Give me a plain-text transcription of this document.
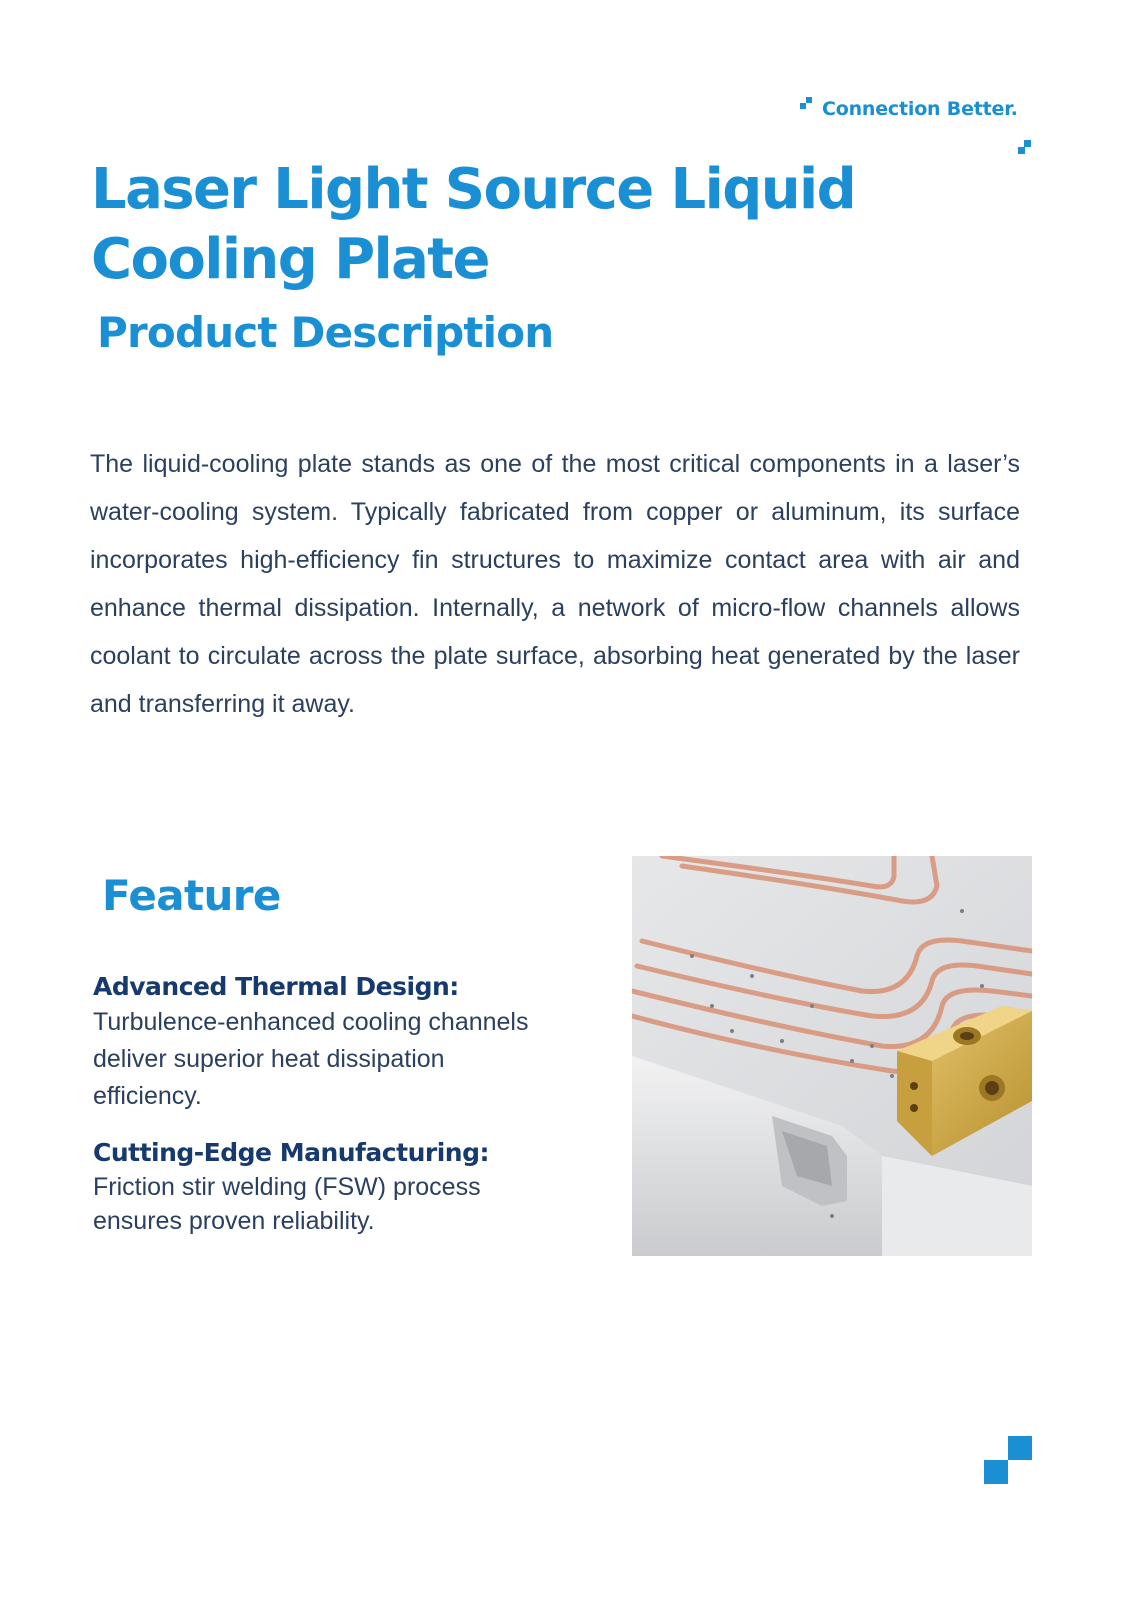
Connection Better.
Laser Light Source Liquid Cooling Plate
Product Description

The liquid-cooling plate stands as one of the most critical components in a laser’s water-cooling system. Typically fabricated from copper or aluminum, its surface incorporates high-efficiency fin structures to maximize contact area with air and enhance thermal dissipation. Internally, a network of micro-flow channels allows coolant to circulate across the plate surface, absorbing heat generated by the laser and transferring it away.

Feature
Advanced Thermal Design:
Turbulence-enhanced cooling channels deliver superior heat dissipation efficiency.
Cutting-Edge Manufacturing:
Friction stir welding (FSW) process ensures proven reliability.
